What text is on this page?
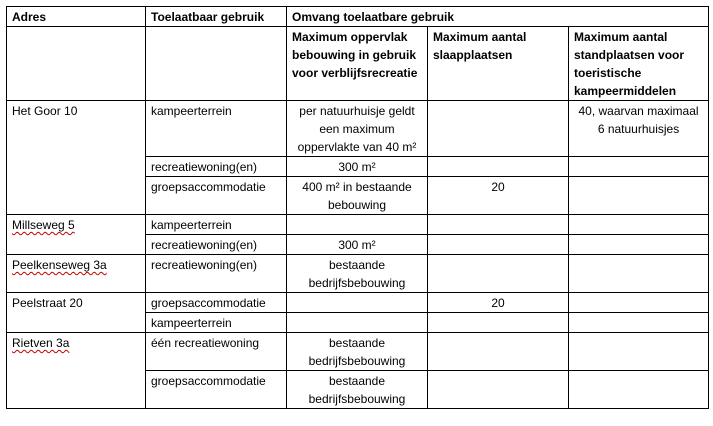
Adres	Toelaatbaar gebruik	Omvang toelaatbare gebruik		
		Maximum oppervlak bebouwing in gebruik voor verblijfsrecreatie	Maximum aantal slaapplaatsen	Maximum aantal standplaatsen voor toeristische kampeermiddelen
Het Goor 10	kampeerterrein	per natuurhuisje geldt een maximum oppervlakte van 40 m²		40, waarvan maximaal 6 natuurhuisjes
	recreatiewoning(en)	300 m²		
	groepsaccommodatie	400 m² in bestaande bebouwing	20	
Millseweg 5	kampeerterrein			
	recreatiewoning(en)	300 m²		
Peelkenseweg 3a	recreatiewoning(en)	bestaande bedrijfsbebouwing		
Peelstraat 20	groepsaccommodatie		20	
	kampeerterrein			
Rietven 3a	één recreatiewoning	bestaande bedrijfsbebouwing		
	groepsaccommodatie	bestaande bedrijfsbebouwing		
